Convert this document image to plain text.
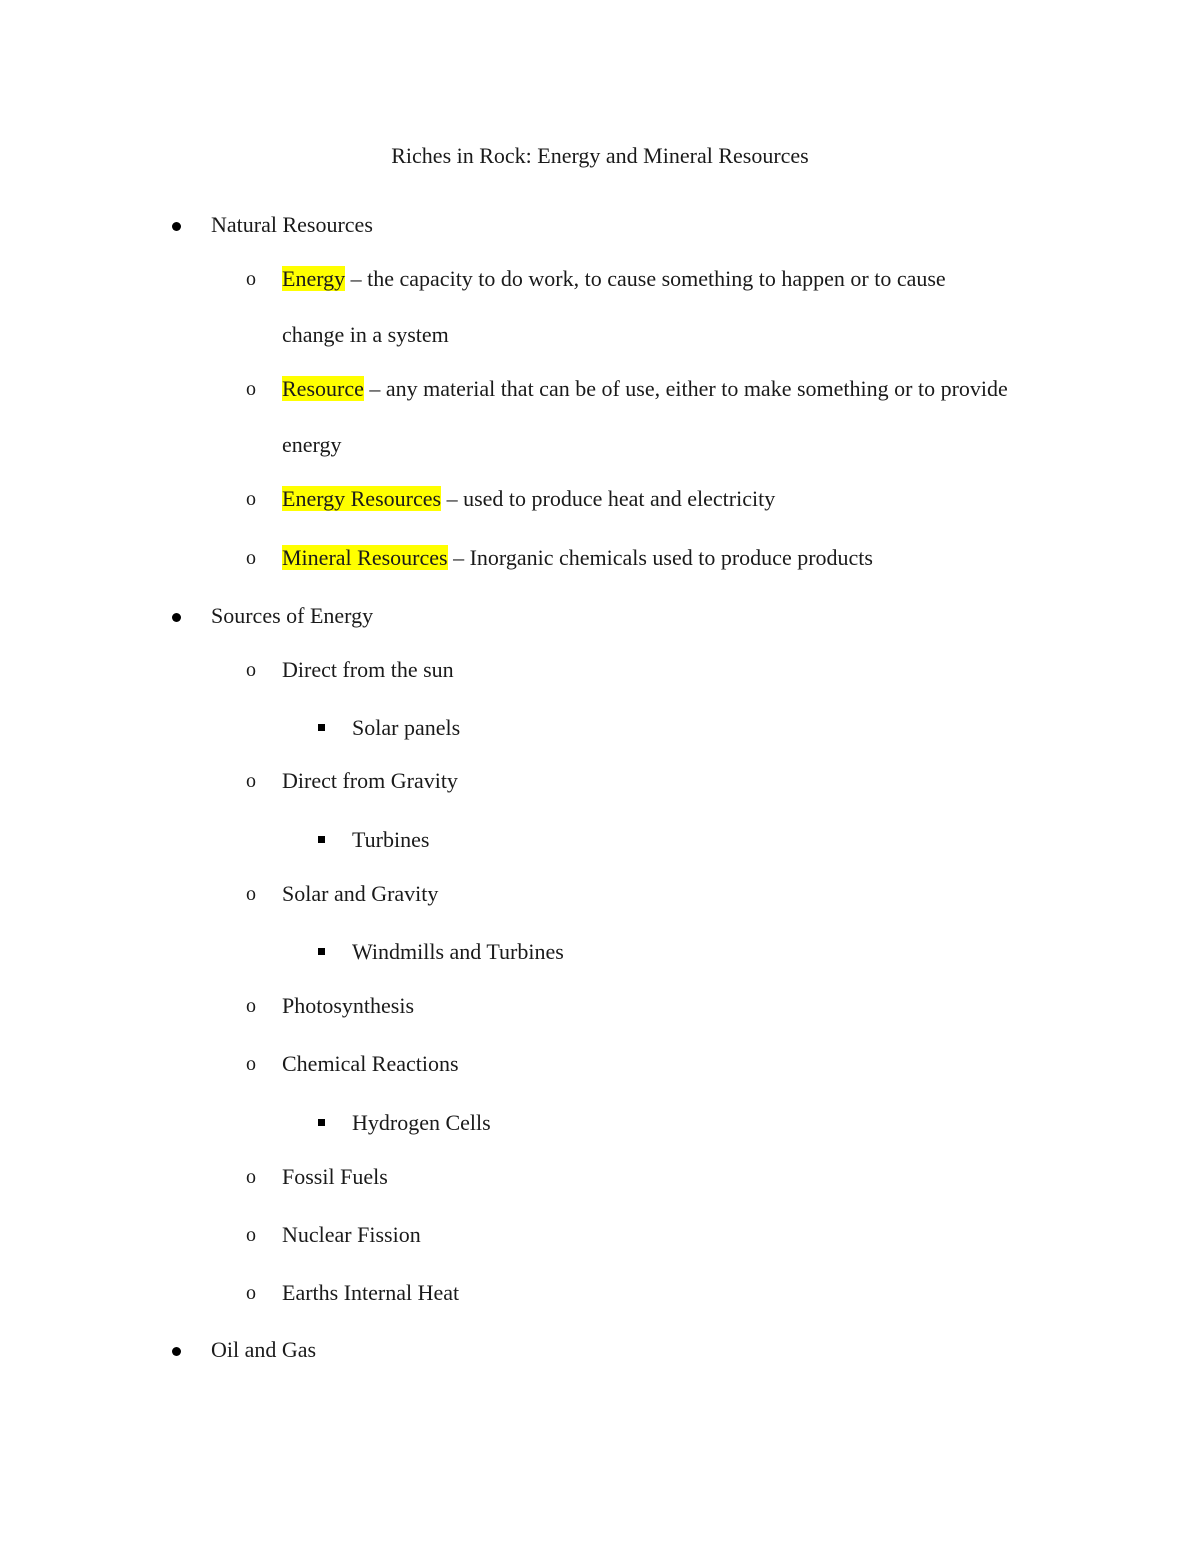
Riches in Rock: Energy and Mineral Resources
Natural Resources
o Energy – the capacity to do work, to cause something to happen or to cause
change in a system
o Resource – any material that can be of use, either to make something or to provide
energy
o Energy Resources – used to produce heat and electricity
o Mineral Resources – Inorganic chemicals used to produce products
Sources of Energy
o Direct from the sun
Solar panels
o Direct from Gravity
Turbines
o Solar and Gravity
Windmills and Turbines
o Photosynthesis
o Chemical Reactions
Hydrogen Cells
o Fossil Fuels
o Nuclear Fission
o Earths Internal Heat
Oil and Gas
